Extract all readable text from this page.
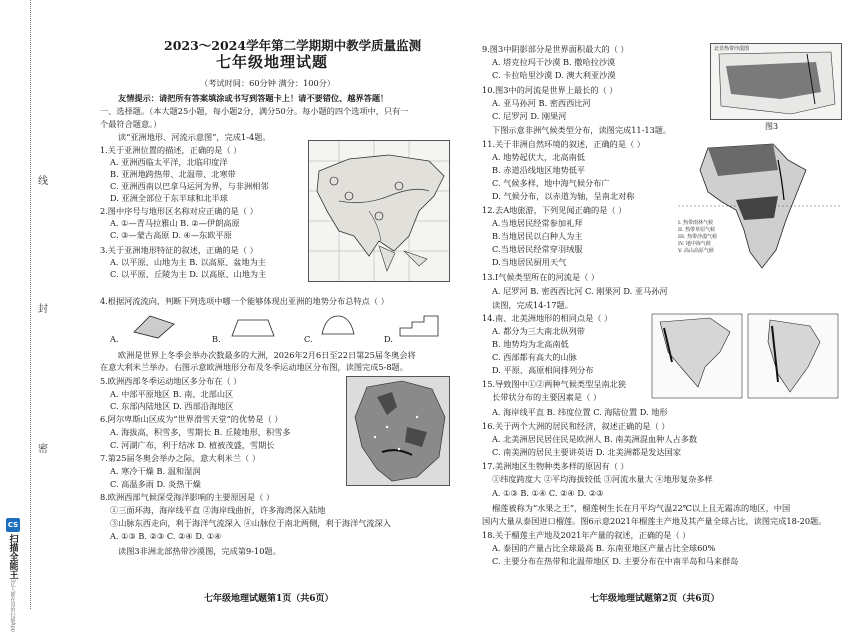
线
封
密
CS
扫描全能王
3亿人都在用的扫描App
2023～2024学年第二学期期中教学质量监测
七年级地理试题
（考试时间：60分钟 满分：100分）
友情提示：请把所有答案填涂或书写到答题卡上！请不要错位、越界答题！
一、选择题。（本大题25小题，每小题2分，满分50分。每小题的四个选项中，只有一
个最符合题意。）
读“亚洲地形、河流示意图”，完成1-4题。
1.关于亚洲位置的描述，正确的是（ ）
A. 亚洲西临太平洋，北临印度洋
B. 亚洲地跨热带、北温带、北寒带
C. 亚洲西南以巴拿马运河为界，与非洲相邻
D. 亚洲全部位于东半球和北半球
2.图中序号与地形区名称对应正确的是（ ）
A. ①—青马拉雅山 B. ②—伊朗高原
C. ③—蒙古高原 D. ④—东欧平原
3.关于亚洲地形特征的叙述，正确的是（ ）
A. 以平原、山地为主 B. 以高原、盆地为主
C. 以平原、丘陵为主 D. 以高原、山地为主
4.根据河流流向，判断下列选项中哪一个能够体现出亚洲的地势分布总特点（ ）
A.	B.	C.	D.
欧洲是世界上冬季会举办次数最多的大洲，2026年2月6日至22日第25届冬奥会将
在意大利米兰举办。右图示意欧洲地形分布及冬季运动地区分布图，读图完成5-8题。
5.欧洲西部冬季运动地区多分布在（ ）
A. 中部平原地区 B. 南、北部山区
C. 东部内陆地区 D. 西部沿海地区
6.阿尔卑斯山区成为“世界滑雪天堂”的优势是（ ）
A. 海拔高，积雪多，雪期长 B. 丘陵地形，积雪多
C. 河湖广布，利于结冰 D. 植被茂盛，雪期长
7.第25届冬奥会举办之际，意大利米兰（ ）
A. 寒冷干燥 B. 温和湿润
C. 高温多雨 D. 炎热干燥
8.欧洲西部气候深受海洋影响的主要原因是（ ）
①三面环海，海岸线平直 ②海岸线曲折，许多海湾深入陆地
③山脉东西走向，利于海洋气流深入 ④山脉位于南北两侧，利于海洋气流深入
A. ①③ B. ②③ C. ②④ D. ①④
读图3非洲北部热带沙漠图，完成第9-10题。
七年级地理试题第1页（共6页）
9.图3中阴影部分是世界面积最大的（ ）
A. 塔克拉玛干沙漠 B. 撒哈拉沙漠
C. 卡拉哈里沙漠 D. 澳大利亚沙漠
10.图3中的河流是世界上最长的（ ）
A. 亚马孙河 B. 密西西比河
C. 尼罗河 D. 刚果河
北非热带沙漠图
图3
下图示意非洲气候类型分布，读图完成11-13题。
11.关于非洲自然环境的叙述，正确的是（ ）
A. 地势起伏大，北高南低
B. 赤道沿线地区地势低平
C. 气候多样，地中海气候分布广
D. 气候分布，以赤道为轴，呈南北对称
12.去A地旅游，下列见闻正确的是（ ）
A.当地居民经常参加礼拜
B.当地居民以白种人为主
C.当地居民经常穿羽绒服
D.当地居民厨用天气
13.Ⅰ气候类型所在的河流是（ ）
A. 尼罗河 B. 密西西比河 C. 刚果河 D. 亚马孙河
读图，完成14-17题。
I. 热带雨林气候
II. 热带草原气候
III. 热带沙漠气候
IV. 地中海气候
V. 高山高原气候
14.南、北美洲地形的相同点是（ ）
A. 都分为三大南北纵列带
B. 地势均为北高南低
C. 西部都有高大的山脉
D. 平原、高原相间排列分布
15.导致图中①②两种气候类型呈南北狭
长带状分布的主要因素是（ ）
A. 海岸线平直 B. 纬度位置 C. 海陆位置 D. 地形
16.关于两个大洲的居民和经济，叙述正确的是（ ）
A. 北美洲居民居住民是欧洲人 B. 南美洲混血种人占多数
C. 南美洲的居民主要讲英语 D. 北美洲都是发达国家
17.美洲地区生物种类多样的原因有（ ）
①纬度跨度大 ②平均海拔较低 ③河流水量大 ④地形复杂多样
A. ①③ B. ①④ C. ②④ D. ②③
榴莲被称为“水果之王”，榴莲树生长在月平均气温22℃以上且无霜冻的地区，中国
国内大量从泰国进口榴莲。图6示意2021年榴莲主产地及其产量全球占比，读图完成18-20题。
18.关于榴莲主产地及2021年产量的叙述，正确的是（ ）
A. 泰国的产量占比全球最高 B. 东南亚地区产量占比全球60%
C. 主要分布在热带和北温带地区 D. 主要分布在中南半岛和马来群岛
七年级地理试题第2页（共6页）
